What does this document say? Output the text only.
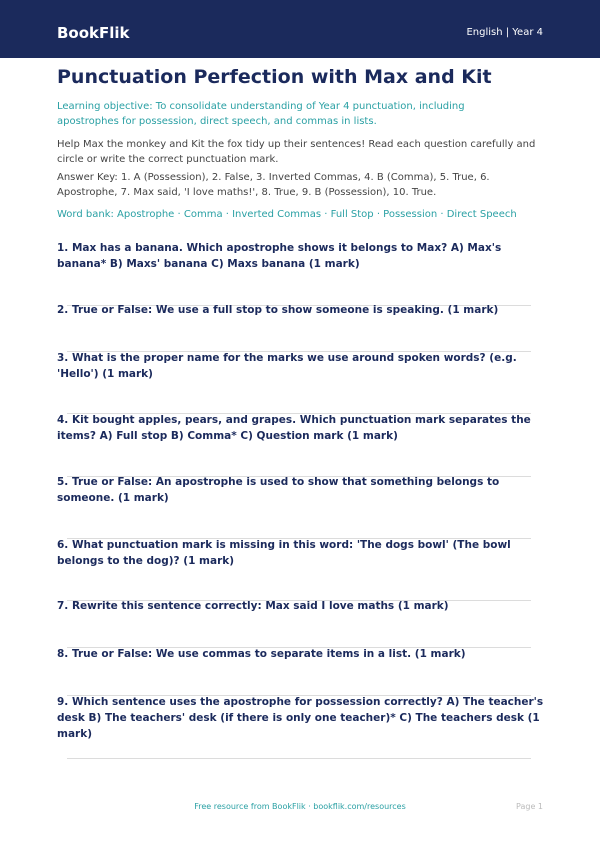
BookFlik	English | Year 4
Punctuation Perfection with Max and Kit
Learning objective: To consolidate understanding of Year 4 punctuation, including apostrophes for possession, direct speech, and commas in lists.
Help Max the monkey and Kit the fox tidy up their sentences! Read each question carefully and circle or write the correct punctuation mark.
Answer Key: 1. A (Possession), 2. False, 3. Inverted Commas, 4. B (Comma), 5. True, 6. Apostrophe, 7. Max said, 'I love maths!', 8. True, 9. B (Possession), 10. True.
Word bank: Apostrophe · Comma · Inverted Commas · Full Stop · Possession · Direct Speech
1. Max has a banana. Which apostrophe shows it belongs to Max? A) Max's banana* B) Maxs' banana C) Maxs banana (1 mark)
2. True or False: We use a full stop to show someone is speaking. (1 mark)
3. What is the proper name for the marks we use around spoken words? (e.g. 'Hello') (1 mark)
4. Kit bought apples, pears, and grapes. Which punctuation mark separates the items? A) Full stop B) Comma* C) Question mark (1 mark)
5. True or False: An apostrophe is used to show that something belongs to someone. (1 mark)
6. What punctuation mark is missing in this word: 'The dogs bowl' (The bowl belongs to the dog)? (1 mark)
7. Rewrite this sentence correctly: Max said I love maths (1 mark)
8. True or False: We use commas to separate items in a list. (1 mark)
9. Which sentence uses the apostrophe for possession correctly? A) The teacher's desk B) The teachers' desk (if there is only one teacher)* C) The teachers desk (1 mark)
Free resource from BookFlik · bookflik.com/resources	Page 1
